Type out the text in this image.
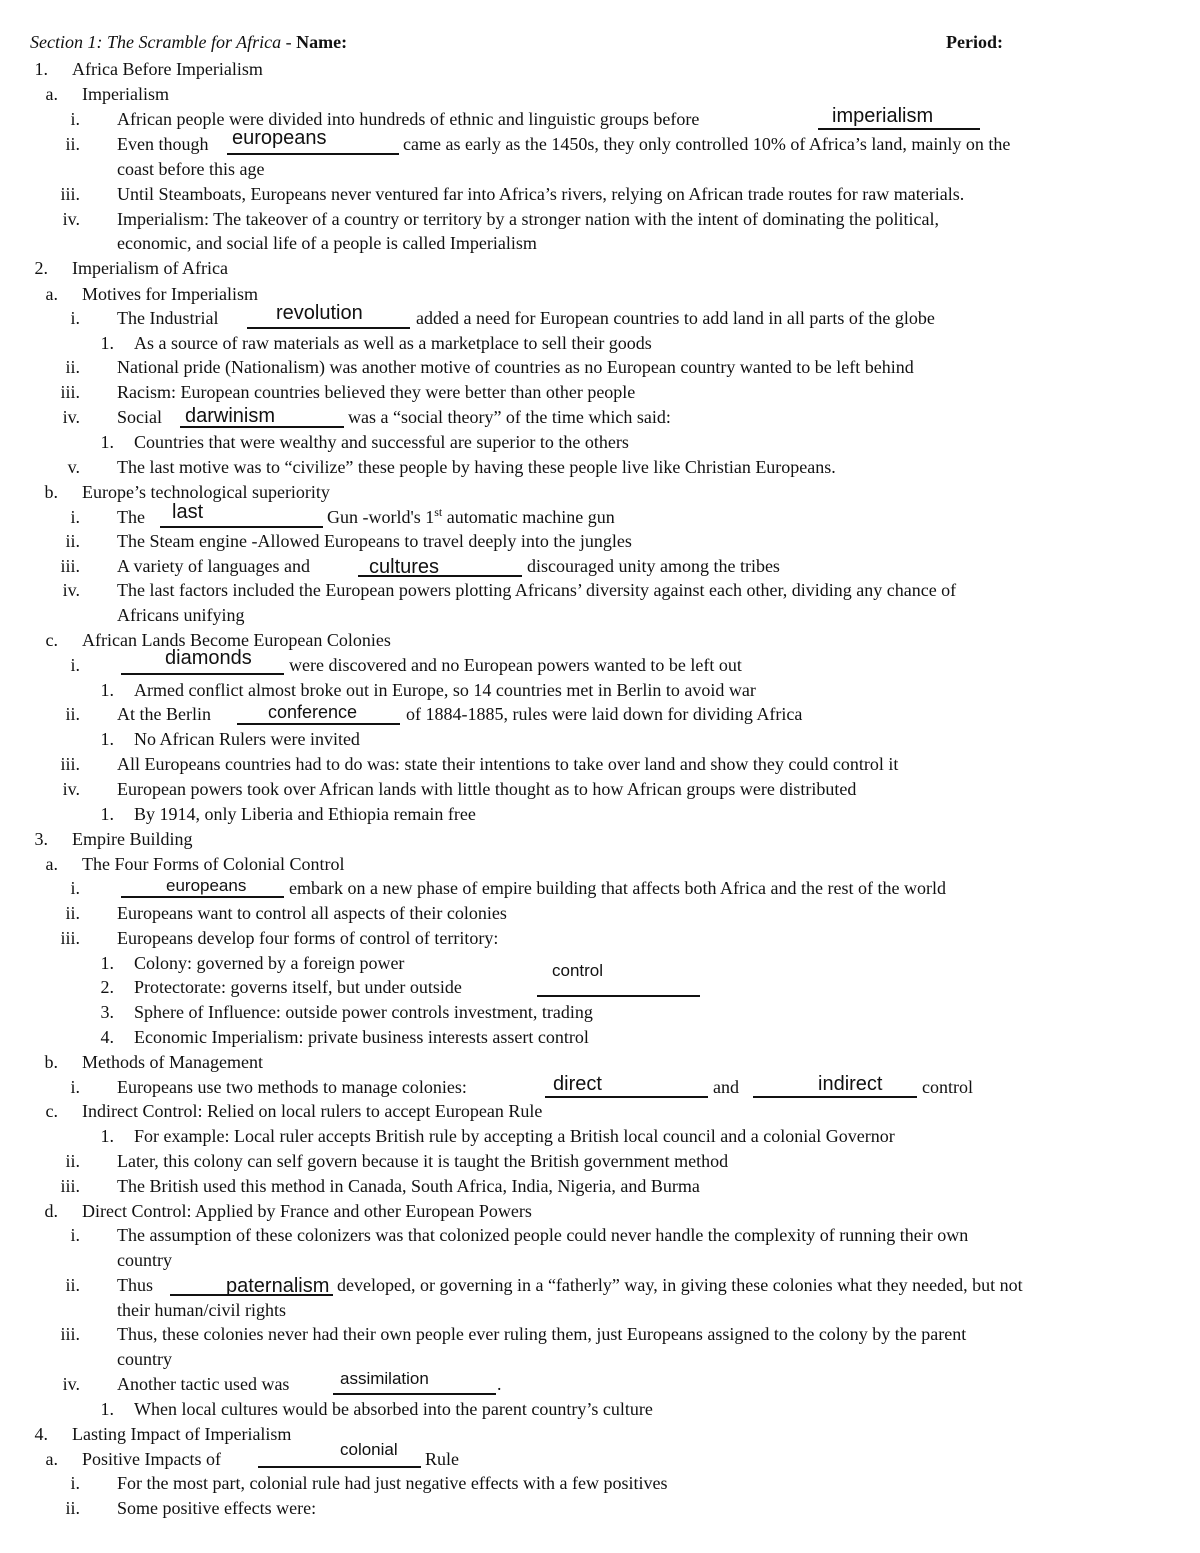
Section 1: The Scramble for Africa - Name:	Period:
1. Africa Before Imperialism
a. Imperialism
i. African people were divided into hundreds of ethnic and linguistic groups before	imperialism
ii. Even though europeans	came as early as the 1450s, they only controlled 10% of Africa’s land, mainly on the
coast before this age
iii. Until Steamboats, Europeans never ventured far into Africa’s rivers, relying on African trade routes for raw materials.
iv. Imperialism: The takeover of a country or territory by a stronger nation with the intent of dominating the political,
economic, and social life of a people is called Imperialism
2. Imperialism of Africa
a. Motives for Imperialism
i. The Industrial	revolution	added a need for European countries to add land in all parts of the globe
1. As a source of raw materials as well as a marketplace to sell their goods
ii. National pride (Nationalism) was another motive of countries as no European country wanted to be left behind
iii. Racism: European countries believed they were better than other people
iv. Social darwinism	was a “social theory” of the time which said:
1. Countries that were wealthy and successful are superior to the others
v. The last motive was to “civilize” these people by having these people live like Christian Europeans.
b. Europe’s technological superiority
i. The last	Gun -world's 1st automatic machine gun
ii. The Steam engine -Allowed Europeans to travel deeply into the jungles
iii. A variety of languages and	cultures	discouraged unity among the tribes
iv. The last factors included the European powers plotting Africans’ diversity against each other, dividing any chance of
Africans unifying
c. African Lands Become European Colonies
i.	diamonds were discovered and no European powers wanted to be left out
1. Armed conflict almost broke out in Europe, so 14 countries met in Berlin to avoid war
ii. At the Berlin	conference	of 1884-1885, rules were laid down for dividing Africa
1. No African Rulers were invited
iii. All Europeans countries had to do was: state their intentions to take over land and show they could control it
iv. European powers took over African lands with little thought as to how African groups were distributed
1. By 1914, only Liberia and Ethiopia remain free
3. Empire Building
a. The Four Forms of Colonial Control
i.	europeans embark on a new phase of empire building that affects both Africa and the rest of the world
ii. Europeans want to control all aspects of their colonies
iii. Europeans develop four forms of control of territory:
1. Colony: governed by a foreign power
2. Protectorate: governs itself, but under outside
control
3. Sphere of Influence: outside power controls investment, trading
4. Economic Imperialism: private business interests assert control
b. Methods of Management
i. Europeans use two methods to manage colonies:	direct	and	indirect control
c. Indirect Control: Relied on local rulers to accept European Rule
1. For example: Local ruler accepts British rule by accepting a British local council and a colonial Governor
ii. Later, this colony can self govern because it is taught the British government method
iii. The British used this method in Canada, South Africa, India, Nigeria, and Burma
d. Direct Control: Applied by France and other European Powers
i. The assumption of these colonizers was that colonized people could never handle the complexity of running their own
country
ii. Thus	paternalism developed, or governing in a “fatherly” way, in giving these colonies what they needed, but not
their human/civil rights
iii. Thus, these colonies never had their own people ever ruling them, just Europeans assigned to the colony by the parent
country
iv. Another tactic used was	assimilation	.
1. When local cultures would be absorbed into the parent country’s culture
4. Lasting Impact of Imperialism
a. Positive Impacts of	colonial Rule
i. For the most part, colonial rule had just negative effects with a few positives
ii. Some positive effects were:
